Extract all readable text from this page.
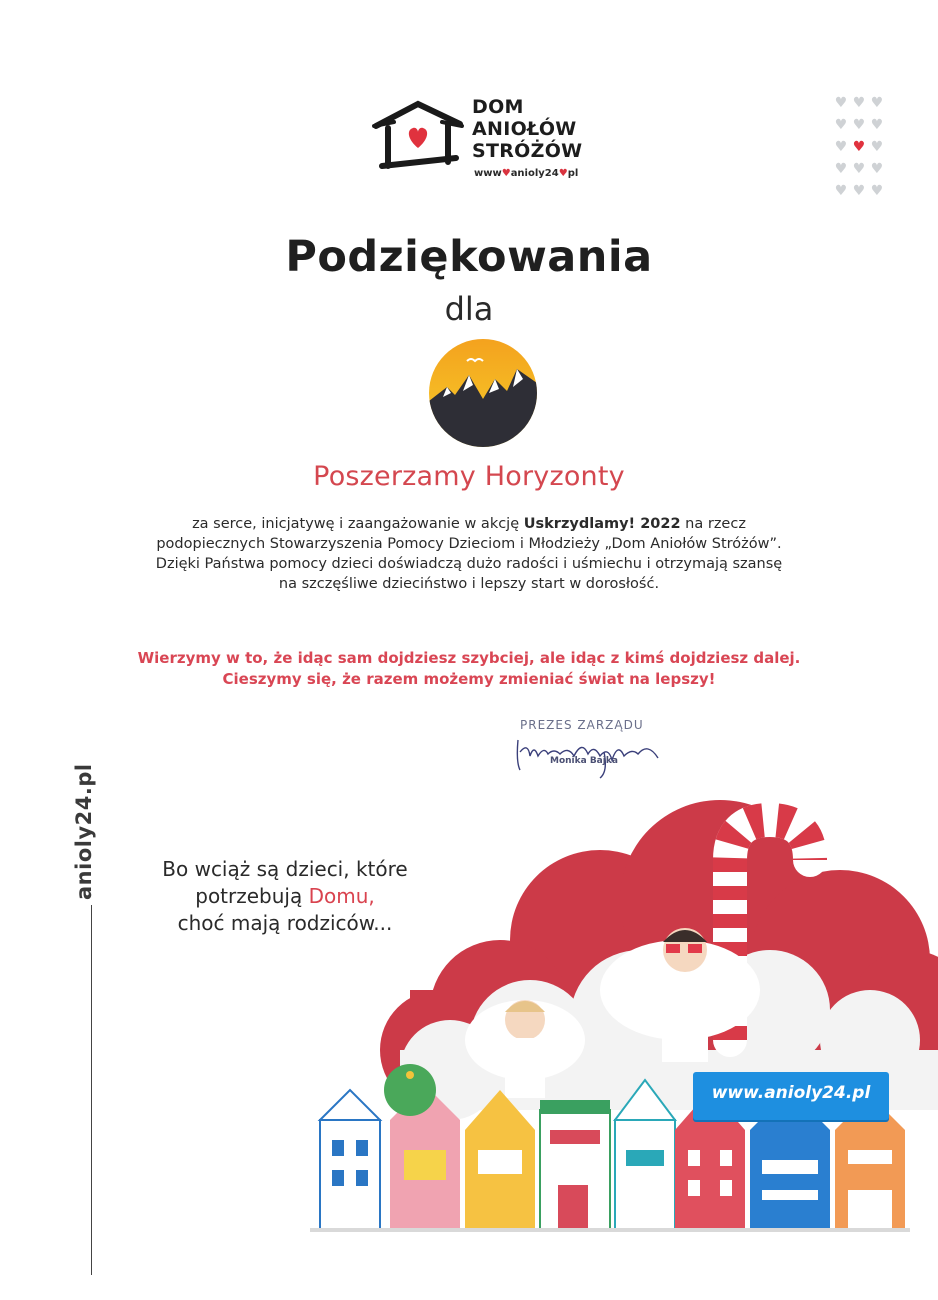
DOM
ANIOŁÓW
STRÓŻÓW
www♥anioly24♥pl
♥ ♥ ♥♥ ♥ ♥♥ ♥ ♥♥ ♥ ♥♥ ♥ ♥
Podziękowania
dla
Poszerzamy Horyzonty
za serce, inicjatywę i zaangażowanie w akcję Uskrzydlamy! 2022 na rzecz podopiecznych Stowarzyszenia Pomocy Dzieciom i Młodzieży „Dom Aniołów Stróżów”. Dzięki Państwa pomocy dzieci doświadczą dużo radości i uśmiechu i otrzymają szansę na szczęśliwe dzieciństwo i lepszy start w dorosłość.
Wierzymy w to, że idąc sam dojdziesz szybciej, ale idąc z kimś dojdziesz dalej.
Cieszymy się, że razem możemy zmieniać świat na lepszy!
PREZES ZARZĄDU
Monika Bajka
anioly24.pl	Bo wciąż są dzieci, które
potrzebują Domu,
choć mają rodziców...
www.anioly24.pl
